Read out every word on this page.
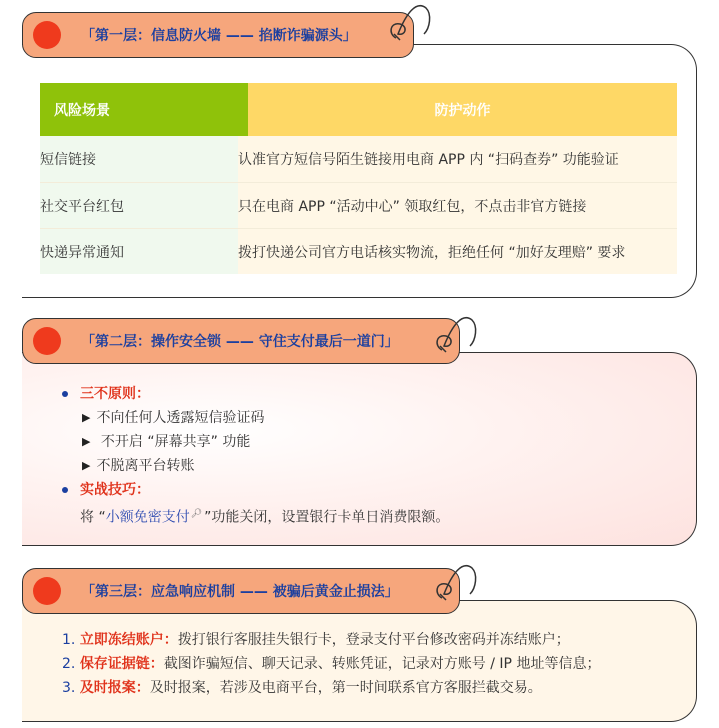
「第一层：信息防火墙 —— 掐断诈骗源头」
风险场景	防护动作
短信链接	认准官方短信号陌生链接用电商 APP 内 “扫码查券” 功能验证
社交平台红包	只在电商 APP “活动中心” 领取红包，不点击非官方链接
快递异常通知	拨打快递公司官方电话核实物流，拒绝任何 “加好友理赔” 要求
「第二层：操作安全锁 —— 守住支付最后一道门」
三不原则：
▶ 不向任何人透露短信验证码
▶ 不开启 “屏幕共享” 功能
▶ 不脱离平台转账
实战技巧：
将 “小额免密支付🔎︎ ”功能关闭，设置银行卡单日消费限额。
「第三层：应急响应机制 —— 被骗后黄金止损法」
1. 立即冻结账户：拨打银行客服挂失银行卡，登录支付平台修改密码并冻结账户；
2. 保存证据链：截图诈骗短信、聊天记录、转账凭证，记录对方账号 / IP 地址等信息；
3. 及时报案：及时报案，若涉及电商平台，第一时间联系官方客服拦截交易。
